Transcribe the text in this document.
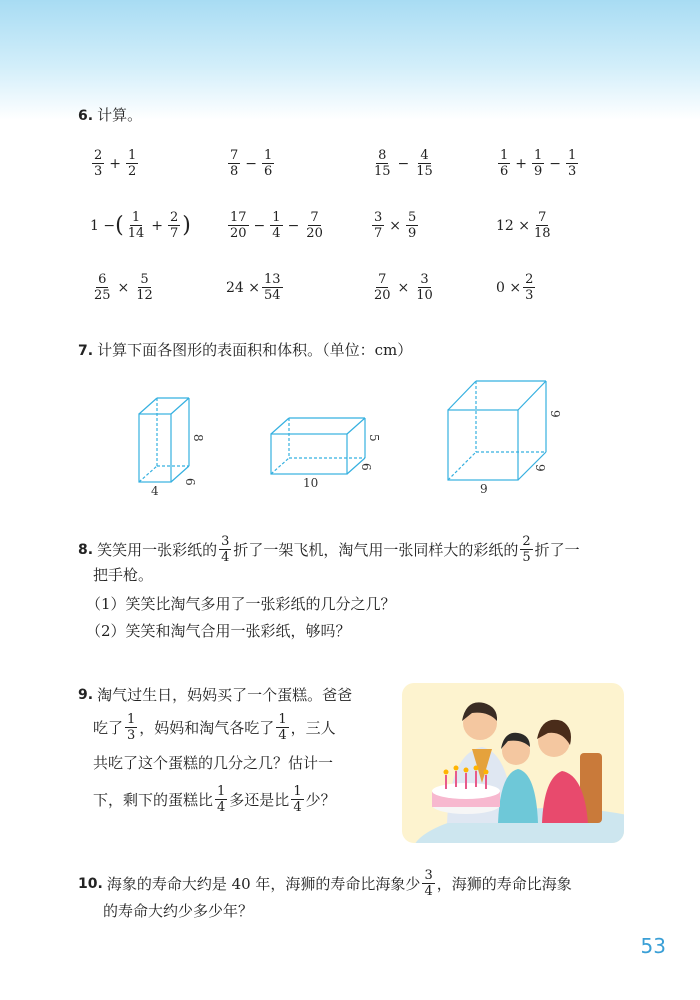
6. 计算。
$\frac{2}{3} + \frac{1}{2}$	$\frac{7}{8} - \frac{1}{6}$	$\frac{8}{15} - \frac{4}{15}$	$\frac{1}{6} + \frac{1}{9} - \frac{1}{3}$
1 − ( $\frac{1}{14} + \frac{2}{7}$ )	$\frac{17}{20} - \frac{1}{4} - \frac{7}{20}$	$\frac{3}{7} \times \frac{5}{9}$	$12 \times \frac{7}{18}$
$\frac{6}{25} \times \frac{5}{12}$	$24 \times \frac{13}{54}$	$\frac{7}{20} \times \frac{3}{10}$	$0 \times \frac{2}{3}$
7. 计算下面各图形的表面积和体积。（单位：cm）
8
6
4
5
6
10
9
9
9
8. 笑笑用一张彩纸的 $\frac{3}{4}$ 折了一架飞机，淘气用一张同样大的彩纸的 $\frac{2}{5}$ 折了一
把手枪。
（1）笑笑比淘气多用了一张彩纸的几分之几？
（2）笑笑和淘气合用一张彩纸，够吗？
9. 淘气过生日，妈妈买了一个蛋糕。爸爸
吃了 $\frac{1}{3}$ ，妈妈和淘气各吃了 $\frac{1}{4}$ ，三人
共吃了这个蛋糕的几分之几？估计一
下，剩下的蛋糕比 $\frac{1}{4}$ 多还是比 $\frac{1}{4}$ 少？
10. 海象的寿命大约是 40 年，海狮的寿命比海象少 $\frac{3}{4}$ ，海狮的寿命比海象
的寿命大约少多少年？
53
